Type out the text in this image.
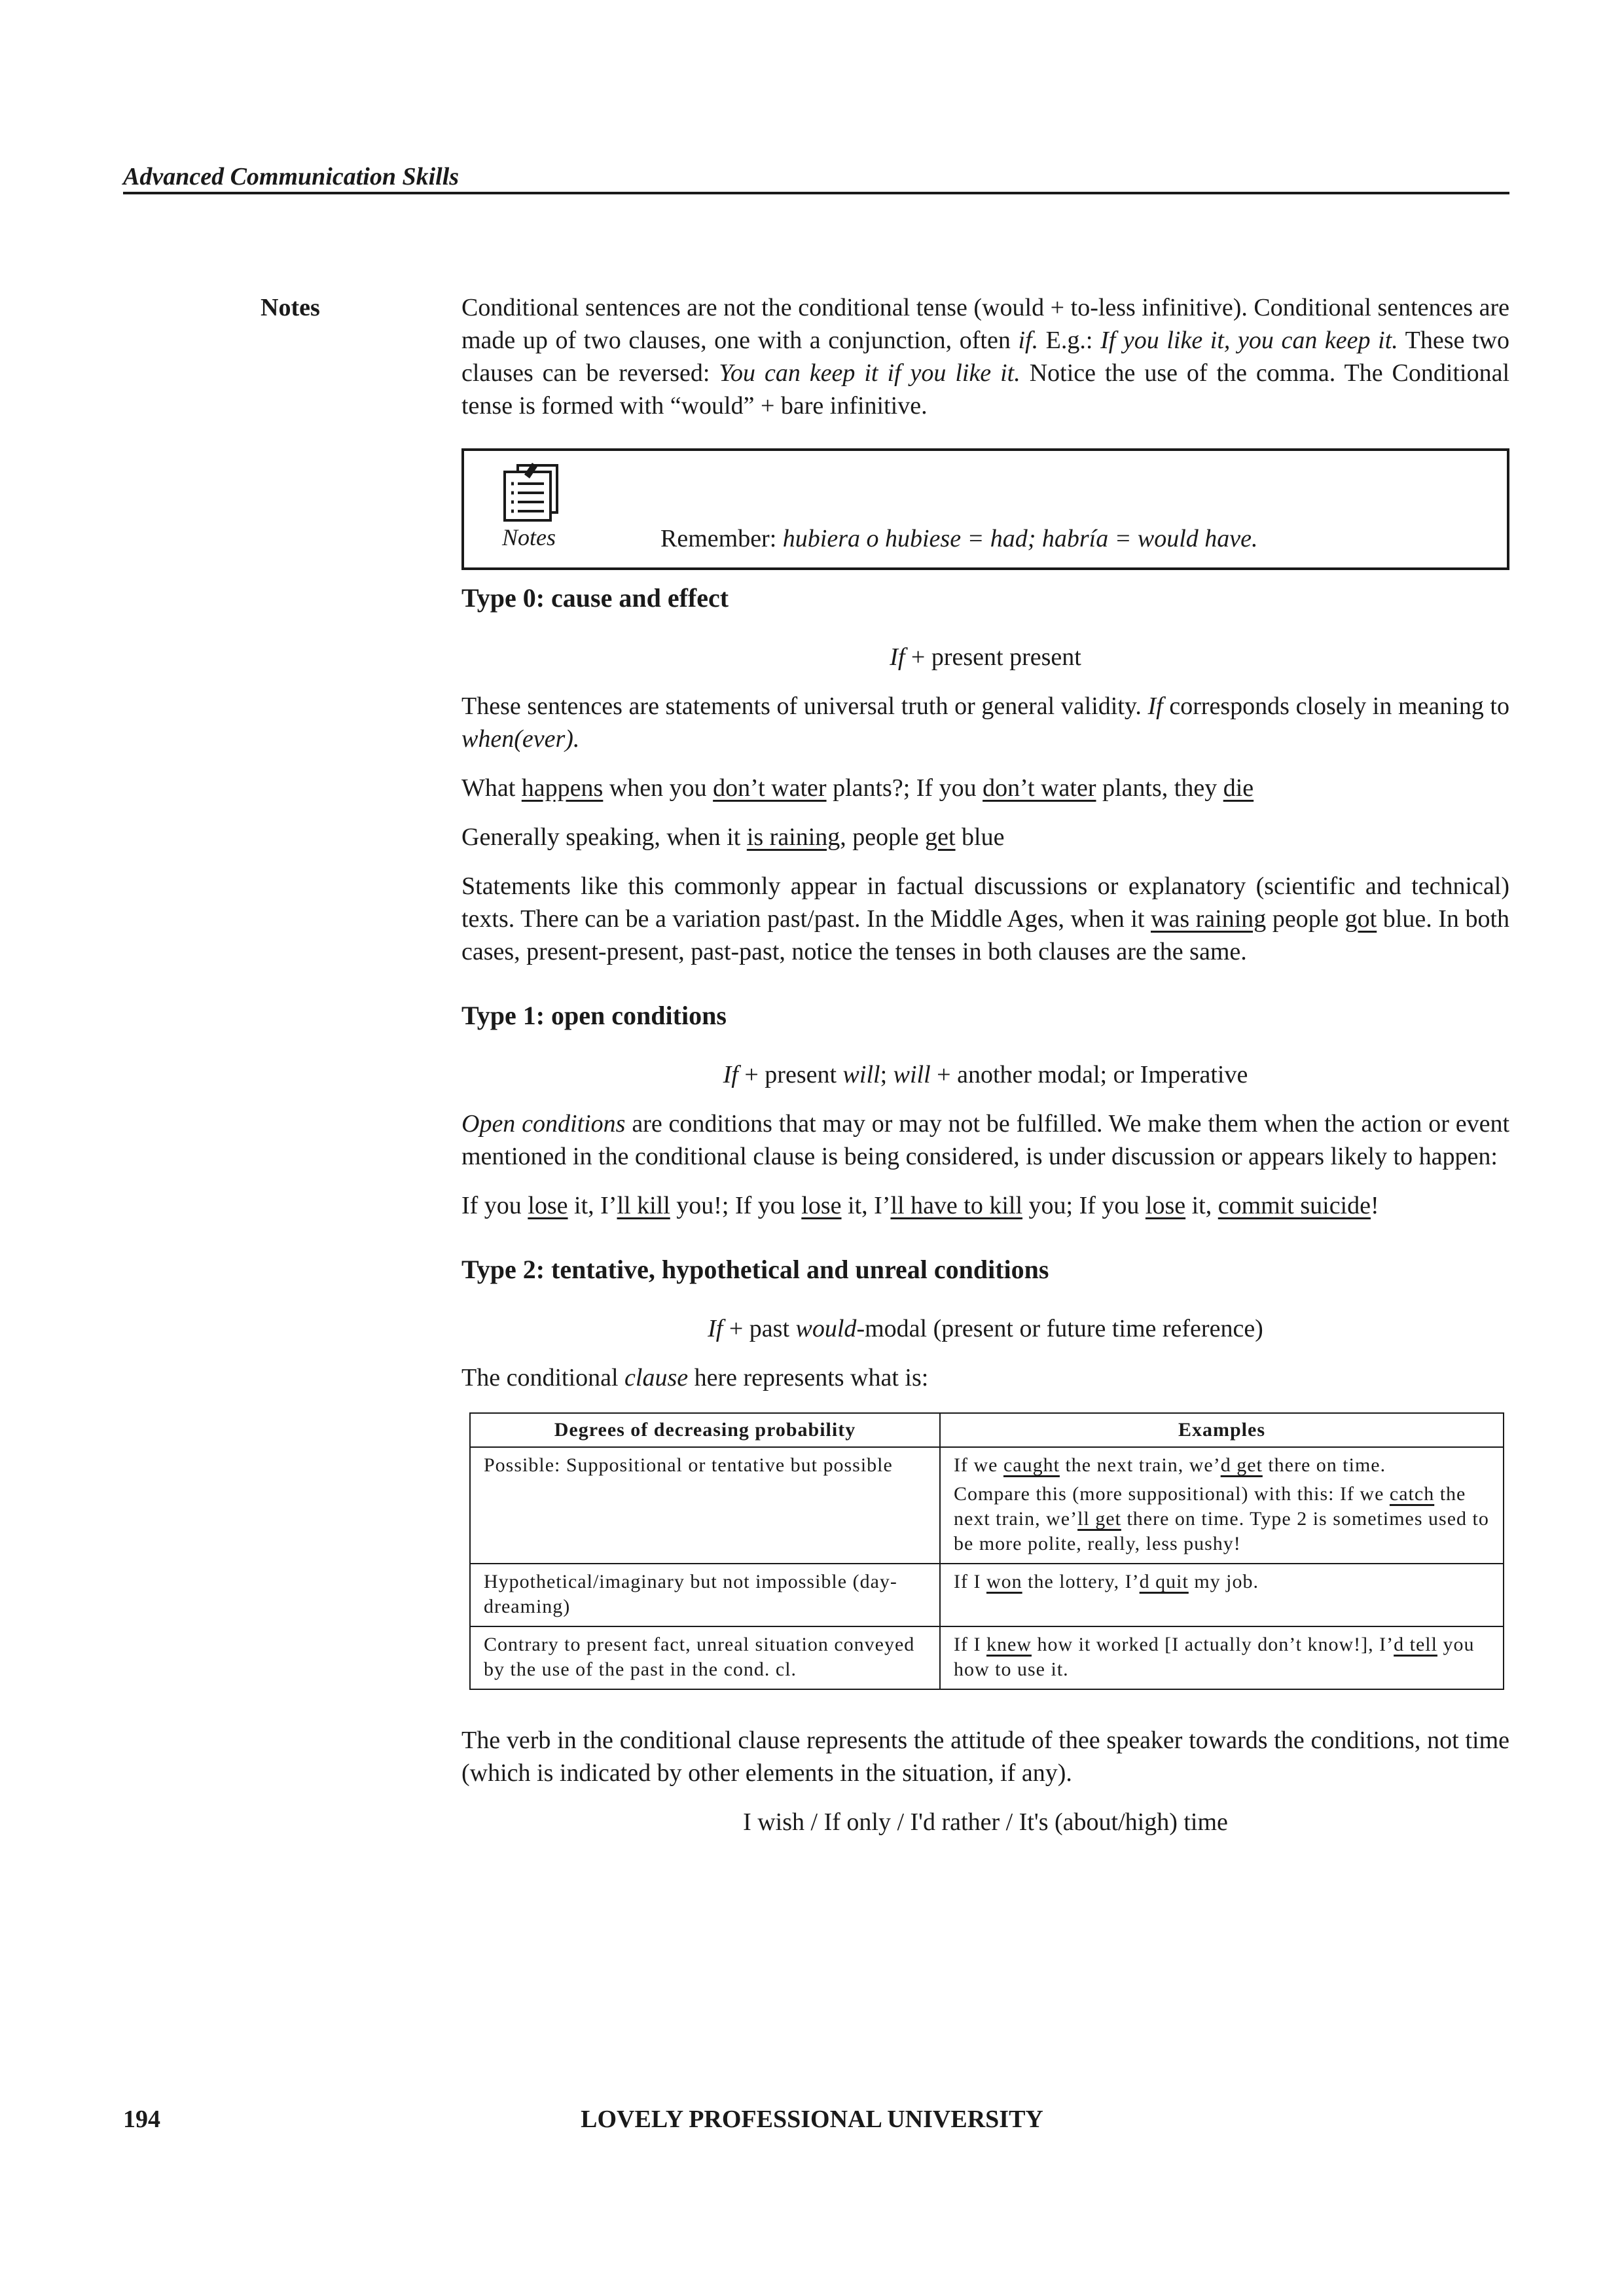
Advanced Communication Skills
Notes	Conditional sentences are not the conditional tense (would + to-less infinitive). Conditional sentences are made up of two clauses, one with a conjunction, often if. E.g.: If you like it, you can keep it. These two clauses can be reversed: You can keep it if you like it. Notice the use of the comma. The Conditional tense is formed with “would” + bare infinitive.

Notes	Remember: hubiera o hubiese = had; habría = would have.
Type 0: cause and effect

If + present present

These sentences are statements of universal truth or general validity. If corresponds closely in meaning to when(ever).

What happens when you don’t water plants?; If you don’t water plants, they die

Generally speaking, when it is raining, people get blue

Statements like this commonly appear in factual discussions or explanatory (scientific and technical) texts. There can be a variation past/past. In the Middle Ages, when it was raining people got blue. In both cases, present-present, past-past, notice the tenses in both clauses are the same.

Type 1: open conditions

If + present will; will + another modal; or Imperative

Open conditions are conditions that may or may not be fulfilled. We make them when the action or event mentioned in the conditional clause is being considered, is under discussion or appears likely to happen:

If you lose it, I’ll kill you!; If you lose it, I’ll have to kill you; If you lose it, commit suicide!

Type 2: tentative, hypothetical and unreal conditions

If + past would-modal (present or future time reference)

The conditional clause here represents what is:

Degrees of decreasing probability	Examples
Possible: Suppositional or tentative but possible	If we caught the next train, we’d get there on time.
Compare this (more suppositional) with this: If we catch the next train, we’ll get there on time. Type 2 is sometimes used to be more polite, really, less pushy!

Hypothetical/imaginary but not impossible (day-dreaming)	If I won the lottery, I’d quit my job.
Contrary to present fact, unreal situation conveyed by the use of the past in the cond. cl.	If I knew how it worked [I actually don’t know!], I’d tell you how to use it.

The verb in the conditional clause represents the attitude of thee speaker towards the conditions, not time (which is indicated by other elements in the situation, if any).

I wish / If only / I'd rather / It's (about/high) time

LOVELY PROFESSIONAL UNIVERSITY
194
